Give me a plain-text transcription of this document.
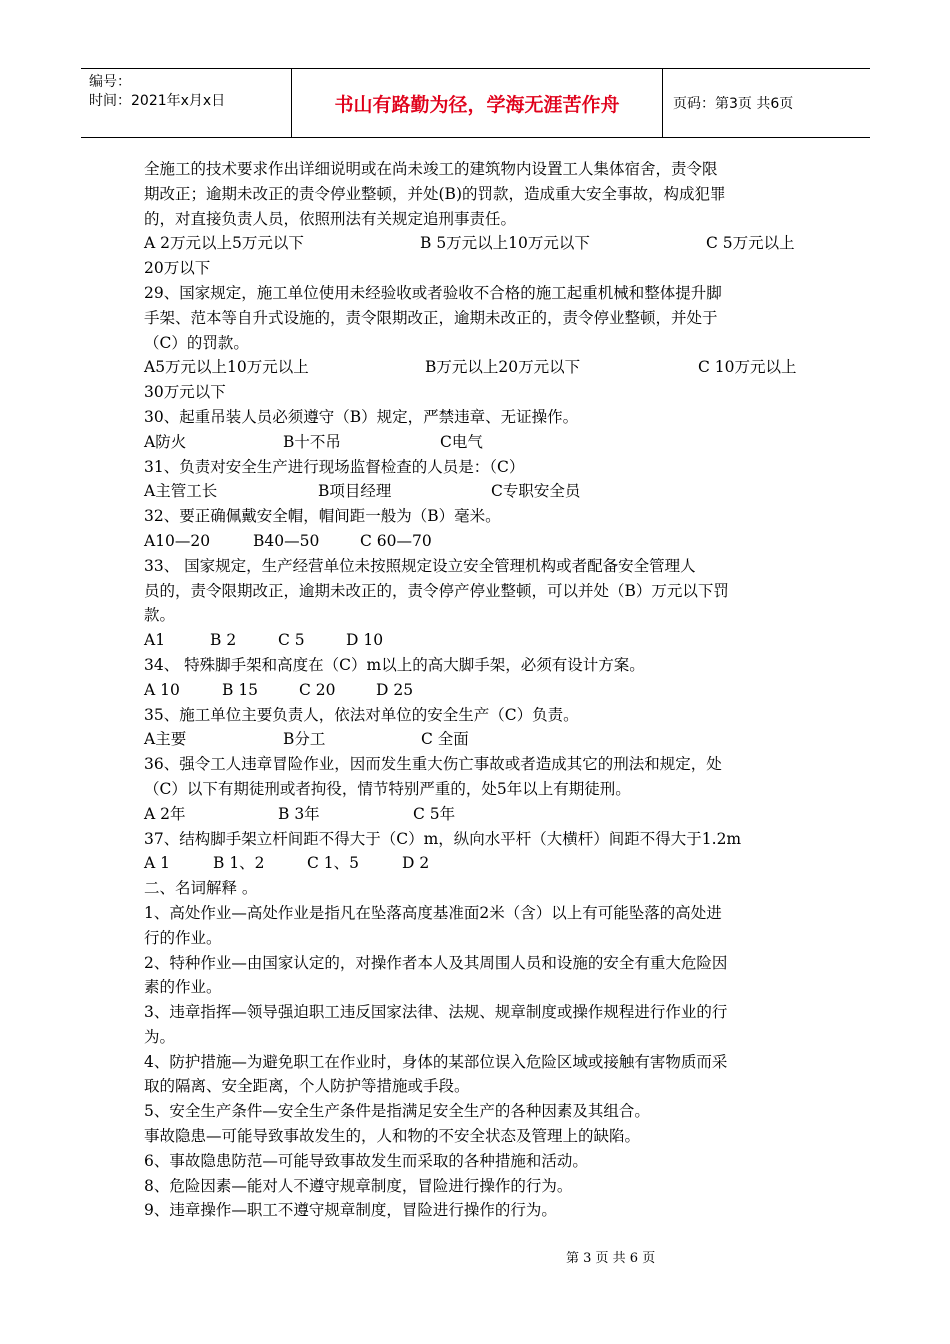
编号：
时间：2021年x月x日	书山有路勤为径，学海无涯苦作舟	页码：第3页 共6页
全施工的技术要求作出详细说明或在尚未竣工的建筑物内设置工人集体宿舍，责令限
期改正；逾期未改正的责令停业整顿，并处(B)的罚款，造成重大安全事故，构成犯罪
的，对直接负责人员，依照刑法有关规定追刑事责任。
A 2万元以上5万元以下	B 5万元以上10万元以下	C 5万元以上
20万以下
29、国家规定，施工单位使用未经验收或者验收不合格的施工起重机械和整体提升脚
手架、范本等自升式设施的，责令限期改正，逾期未改正的，责令停业整顿，并处于
（C）的罚款。
A5万元以上10万元以上	B万元以上20万元以下	C 10万元以上
30万元以下
30、起重吊装人员必须遵守（B）规定，严禁违章、无证操作。
A防火	B十不吊	C电气
31、负责对安全生产进行现场监督检查的人员是：（C）
A主管工长	B项目经理	C专职安全员
32、要正确佩戴安全帽，帽间距一般为（B）毫米。
A10—20	B40—50	C 60—70
33、 国家规定，生产经营单位未按照规定设立安全管理机构或者配备安全管理人
员的，责令限期改正，逾期未改正的，责令停产停业整顿，可以并处（B）万元以下罚
款。
A1	B 2	C 5	D 10
34、 特殊脚手架和高度在（C）m以上的高大脚手架，必须有设计方案。
A 10	B 15	C 20	D 25
35、施工单位主要负责人，依法对单位的安全生产（C）负责。
A主要	B分工	C 全面
36、强令工人违章冒险作业，因而发生重大伤亡事故或者造成其它的刑法和规定，处
（C）以下有期徒刑或者拘役，情节特别严重的，处5年以上有期徒刑。
A 2年	B 3年	C 5年
37、结构脚手架立杆间距不得大于（C）m，纵向水平杆（大横杆）间距不得大于1.2m
A 1	B 1、2	C 1、5	D 2
二、名词解释 。
1、高处作业—高处作业是指凡在坠落高度基准面2米（含）以上有可能坠落的高处进
行的作业。
2、特种作业—由国家认定的，对操作者本人及其周围人员和设施的安全有重大危险因
素的作业。
3、违章指挥—领导强迫职工违反国家法律、法规、规章制度或操作规程进行作业的行
为。
4、防护措施—为避免职工在作业时，身体的某部位误入危险区域或接触有害物质而采
取的隔离、安全距离，个人防护等措施或手段。
5、安全生产条件—安全生产条件是指满足安全生产的各种因素及其组合。
事故隐患—可能导致事故发生的，人和物的不安全状态及管理上的缺陷。
6、事故隐患防范—可能导致事故发生而采取的各种措施和活动。
8、危险因素—能对人不遵守规章制度，冒险进行操作的行为。
9、违章操作—职工不遵守规章制度，冒险进行操作的行为。
第 3 页 共 6 页
